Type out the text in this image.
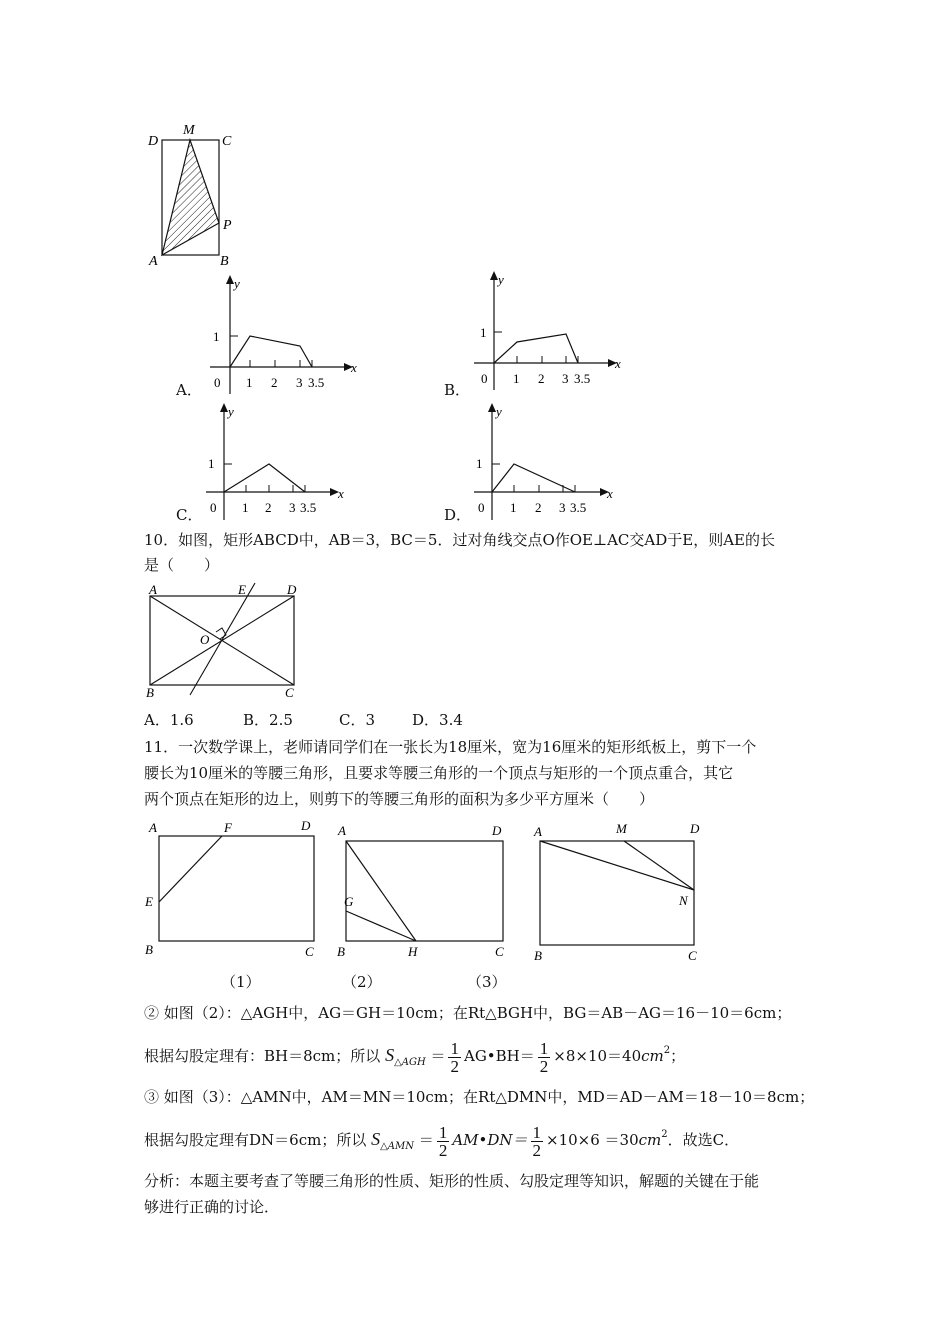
D
M
C
P
A	B
A．
y
x
0
1
1 2 3 3.5	B．
y
x
0
1
1 2 3 3.5
C．
y
x
0
1
1 2 3 3.5	D．
y
x
0
1
1 2 3 3.5
10．如图，矩形ABCD中，AB＝3，BC＝5．过对角线交点O作OE⊥AC交AD于E，则AE的长
是（　　）
A	E	D
O
B	C
A．1.6	B．2.5	C．3 D．3.4
11．一次数学课上，老师请同学们在一张长为18厘米，宽为16厘米的矩形纸板上，剪下一个
腰长为10厘米的等腰三角形，且要求等腰三角形的一个顶点与矩形的一个顶点重合，其它
两个顶点在矩形的边上，则剪下的等腰三角形的面积为多少平方厘米（　　）
A	F	D
E
B	C
A	D
G
B	H	C
A	M	D
N
B	C
（1）	（2）	（3）
② 如图（2）：△AGH中，AG＝GH＝10cm；在Rt△BGH中，BG＝AB－AG＝16－10＝6cm；
根据勾股定理有：BH＝8cm；所以 $S_{\triangle AGH} = \frac{1}{2}$ AG•BH＝ $\frac{1}{2} \times 8\times 10=40cm^2$；
③ 如图（3）：△AMN中，AM＝MN＝10cm；在Rt△DMN中，MD＝AD－AM＝18－10＝8cm；
根据勾股定理有DN＝6cm；所以 $S_{\triangle AMN} = \frac{1}{2}$ AM•DN＝ $\frac{1}{2} \times 10\times 6 =30cm^2$．故选C．
分析：本题主要考查了等腰三角形的性质、矩形的性质、勾股定理等知识，解题的关键在于能
够进行正确的讨论．
